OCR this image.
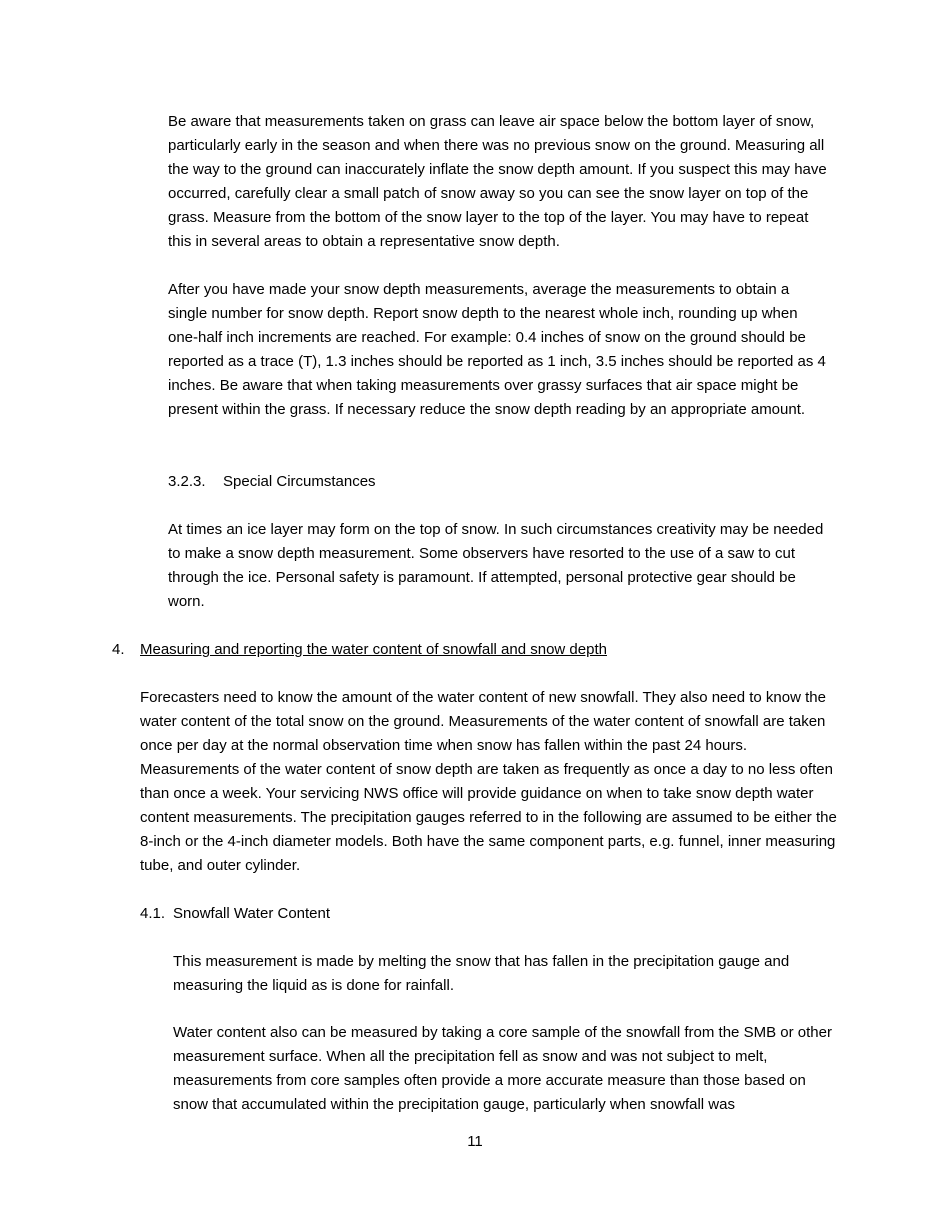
Be aware that measurements taken on grass can leave air space below the bottom layer of snow, particularly early in the season and when there was no previous snow on the ground. Measuring all the way to the ground can inaccurately inflate the snow depth amount. If you suspect this may have occurred, carefully clear a small patch of snow away so you can see the snow layer on top of the grass. Measure from the bottom of the snow layer to the top of the layer. You may have to repeat this in several areas to obtain a representative snow depth.

After you have made your snow depth measurements, average the measurements to obtain a single number for snow depth. Report snow depth to the nearest whole inch, rounding up when one-half inch increments are reached. For example: 0.4 inches of snow on the ground should be reported as a trace (T), 1.3 inches should be reported as 1 inch, 3.5 inches should be reported as 4 inches. Be aware that when taking measurements over grassy surfaces that air space might be present within the grass. If necessary reduce the snow depth reading by an appropriate amount.

3.2.3. Special Circumstances

At times an ice layer may form on the top of snow. In such circumstances creativity may be needed to make a snow depth measurement. Some observers have resorted to the use of a saw to cut through the ice. Personal safety is paramount. If attempted, personal protective gear should be worn.

4. Measuring and reporting the water content of snowfall and snow depth

Forecasters need to know the amount of the water content of new snowfall. They also need to know the water content of the total snow on the ground. Measurements of the water content of snowfall are taken once per day at the normal observation time when snow has fallen within the past 24 hours. Measurements of the water content of snow depth are taken as frequently as once a day to no less often than once a week. Your servicing NWS office will provide guidance on when to take snow depth water content measurements. The precipitation gauges referred to in the following are assumed to be either the 8-inch or the 4-inch diameter models. Both have the same component parts, e.g. funnel, inner measuring tube, and outer cylinder.

4.1. Snowfall Water Content

This measurement is made by melting the snow that has fallen in the precipitation gauge and measuring the liquid as is done for rainfall.

Water content also can be measured by taking a core sample of the snowfall from the SMB or other measurement surface. When all the precipitation fell as snow and was not subject to melt, measurements from core samples often provide a more accurate measure than those based on snow that accumulated within the precipitation gauge, particularly when snowfall was

11
